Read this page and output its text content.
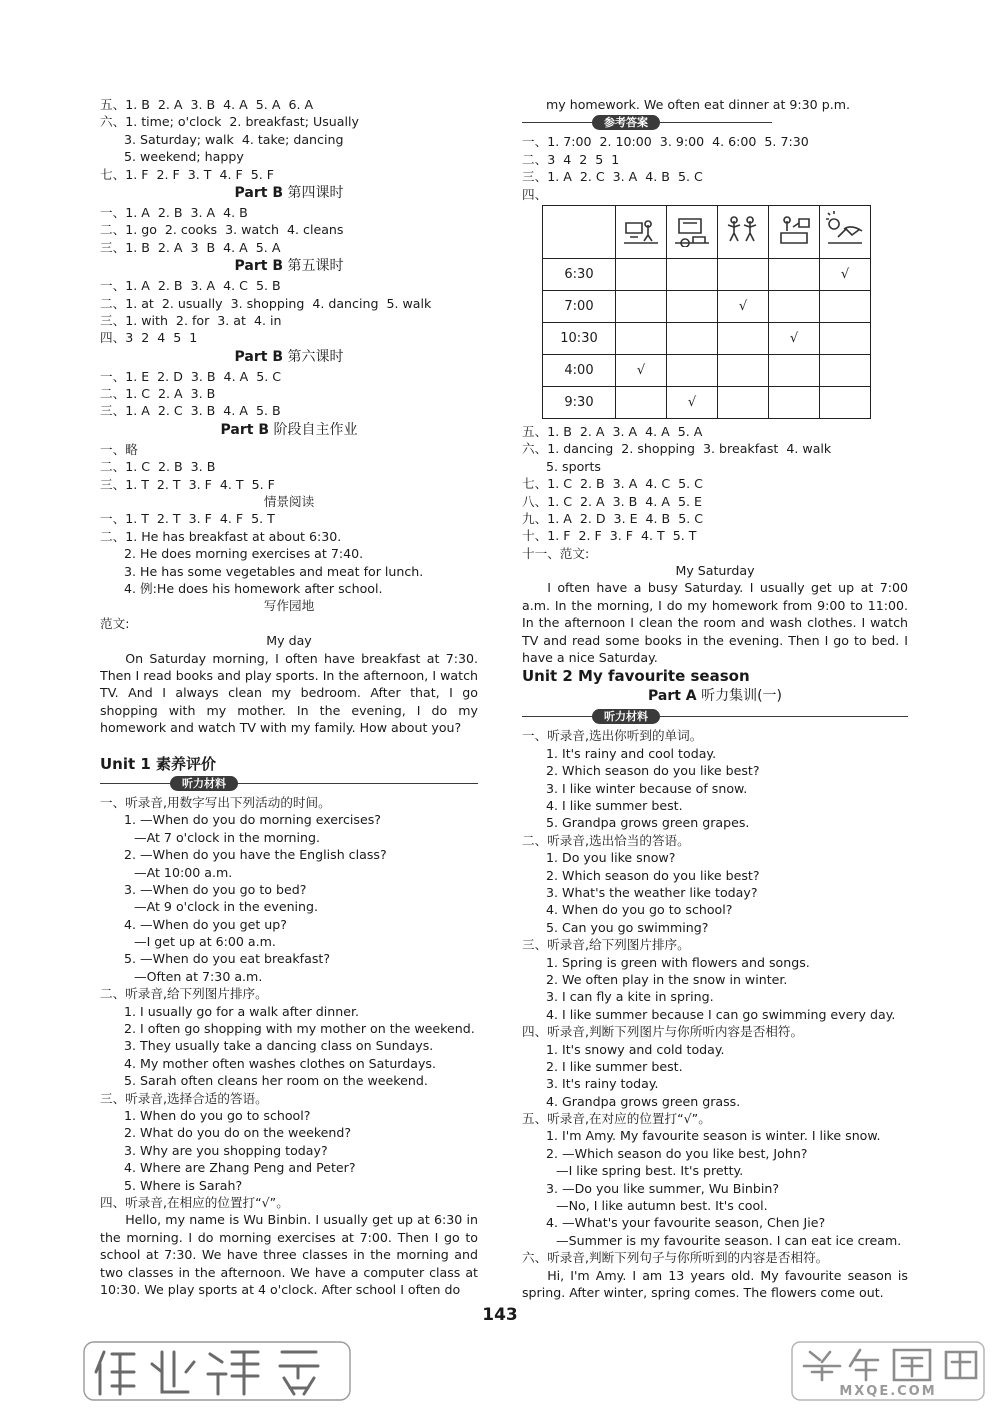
五、1. B  2. A  3. B  4. A  5. A  6. A
六、1. time; o'clock  2. breakfast; Usually
3. Saturday; walk  4. take; dancing
5. weekend; happy
七、1. F  2. F  3. T  4. F  5. F
Part B 第四课时
一、1. A  2. B  3. A  4. B
二、1. go  2. cooks  3. watch  4. cleans
三、1. B  2. A  3  B  4. A  5. A
Part B 第五课时
一、1. A  2. B  3. A  4. C  5. B
二、1. at  2. usually  3. shopping  4. dancing  5. walk
三、1. with  2. for  3. at  4. in
四、3  2  4  5  1
Part B 第六课时
一、1. E  2. D  3. B  4. A  5. C
二、1. C  2. A  3. B
三、1. A  2. C  3. B  4. A  5. B
Part B 阶段自主作业
一、略
二、1. C  2. B  3. B
三、1. T  2. T  3. F  4. T  5. F
情景阅读
一、1. T  2. T  3. F  4. F  5. T
二、1. He has breakfast at about 6:30.
2. He does morning exercises at 7:40.
3. He has some vegetables and meat for lunch.
4. 例:He does his homework after school.
写作园地
范文:
My day
On Saturday morning, I often have breakfast at 7:30. Then I read books and play sports. In the afternoon, I watch TV. And I always clean my bedroom. After that, I go shopping with my mother. In the evening, I do my homework and watch TV with my family. How about you?
Unit 1 素养评价
听力材料
一、听录音,用数字写出下列活动的时间。
1. —When do you do morning exercises?
—At 7 o'clock in the morning.
2. —When do you have the English class?
—At 10:00 a.m.
3. —When do you go to bed?
—At 9 o'clock in the evening.
4. —When do you get up?
—I get up at 6:00 a.m.
5. —When do you eat breakfast?
—Often at 7:30 a.m.
二、听录音,给下列图片排序。
1. I usually go for a walk after dinner.
2. I often go shopping with my mother on the weekend.
3. They usually take a dancing class on Sundays.
4. My mother often washes clothes on Saturdays.
5. Sarah often cleans her room on the weekend.
三、听录音,选择合适的答语。
1. When do you go to school?
2. What do you do on the weekend?
3. Why are you shopping today?
4. Where are Zhang Peng and Peter?
5. Where is Sarah?
四、听录音,在相应的位置打“√”。
Hello, my name is Wu Binbin. I usually get up at 6:30 in the morning. I do morning exercises at 7:00. Then I go to school at 7:30. We have three classes in the morning and two classes in the afternoon. We have a computer class at 10:30. We play sports at 4 o'clock. After school I often do
my homework. We often eat dinner at 9:30 p.m.
参考答案
一、1. 7:00  2. 10:00  3. 9:00  4. 6:00  5. 7:30
二、3  4  2  5  1
三、1. A  2. C  3. A  4. B  5. C
四、

6:30					√
7:00			√		
10:30				√	
4:00	√				
9:30		√			
五、1. B  2. A  3. A  4. A  5. A
六、1. dancing  2. shopping  3. breakfast  4. walk
5. sports
七、1. C  2. B  3. A  4. C  5. C
八、1. C  2. A  3. B  4. A  5. E
九、1. A  2. D  3. E  4. B  5. C
十、1. F  2. F  3. F  4. T  5. T
十一、范文:
My Saturday
I often have a busy Saturday. I usually get up at 7:00 a.m. In the morning, I do my homework from 9:00 to 11:00. In the afternoon I clean the room and wash clothes. I watch TV and read some books in the evening. Then I go to bed. I have a nice Saturday.
Unit 2 My favourite season
Part A 听力集训(一)
听力材料
一、听录音,选出你听到的单词。
1. It's rainy and cool today.
2. Which season do you like best?
3. I like winter because of snow.
4. I like summer best.
5. Grandpa grows green grapes.
二、听录音,选出恰当的答语。
1. Do you like snow?
2. Which season do you like best?
3. What's the weather like today?
4. When do you go to school?
5. Can you go swimming?
三、听录音,给下列图片排序。
1. Spring is green with flowers and songs.
2. We often play in the snow in winter.
3. I can fly a kite in spring.
4. I like summer because I can go swimming every day.
四、听录音,判断下列图片与你所听内容是否相符。
1. It's snowy and cold today.
2. I like summer best.
3. It's rainy today.
4. Grandpa grows green grass.
五、听录音,在对应的位置打“√”。
1. I'm Amy. My favourite season is winter. I like snow.
2. —Which season do you like best, John?
—I like spring best. It's pretty.
3. —Do you like summer, Wu Binbin?
—No, I like autumn best. It's cool.
4. —What's your favourite season, Chen Jie?
—Summer is my favourite season. I can eat ice cream.
六、听录音,判断下列句子与你所听到的内容是否相符。
Hi, I'm Amy. I am 13 years old. My favourite season is spring. After winter, spring comes. The flowers come out.
143
MXQE.COM
